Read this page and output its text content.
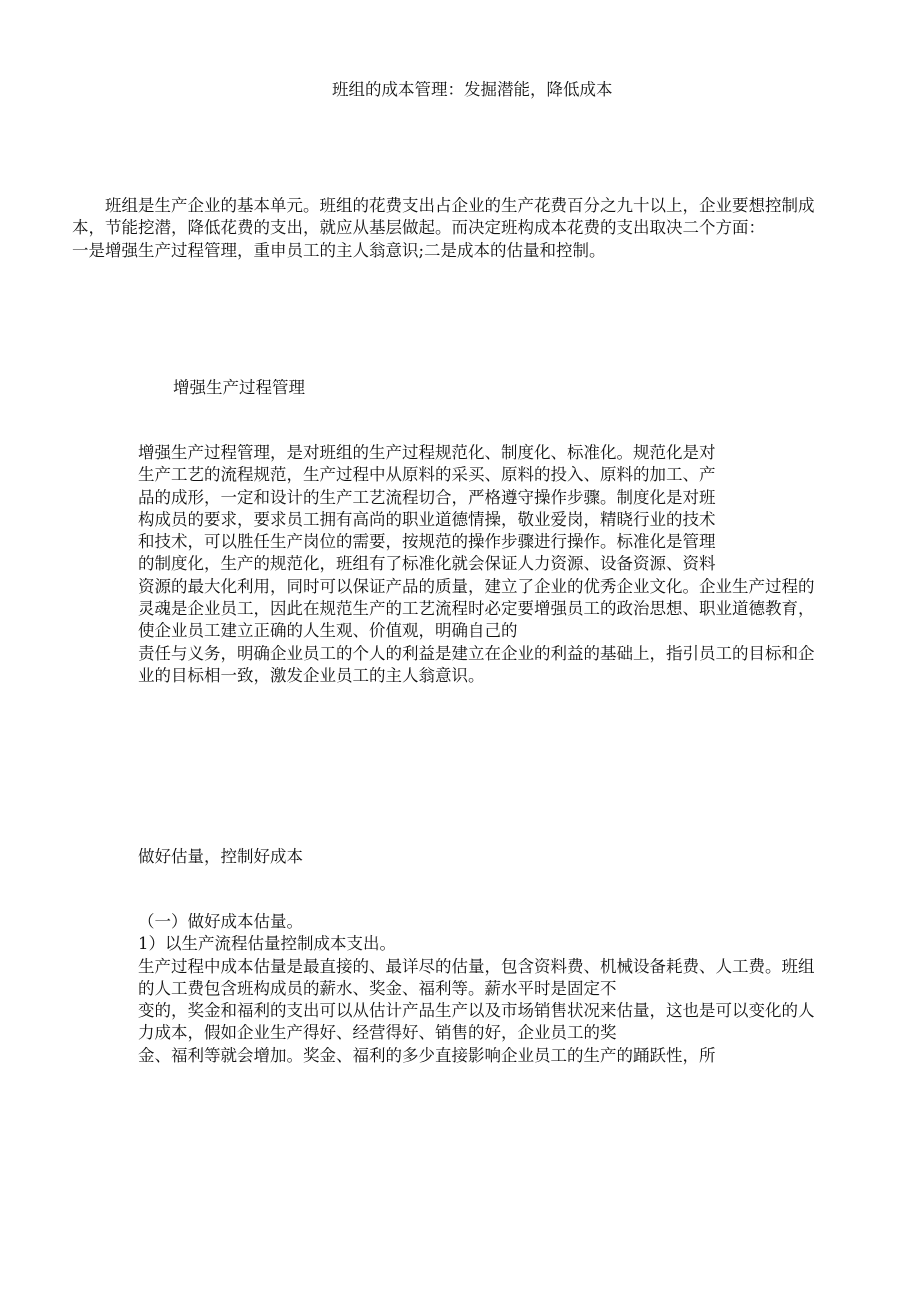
班组的成本管理：发掘潜能，降低成本
班组是生产企业的基本单元。班组的花费支出占企业的生产花费百分之九十以上，企业要想控制成
本，节能挖潜，降低花费的支出，就应从基层做起。而决定班构成本花费的支出取决二个方面：
一是增强生产过程管理，重申员工的主人翁意识;二是成本的估量和控制。
增强生产过程管理
增强生产过程管理，是对班组的生产过程规范化、制度化、标准化。规范化是对
生产工艺的流程规范，生产过程中从原料的采买、原料的投入、原料的加工、产
品的成形，一定和设计的生产工艺流程切合，严格遵守操作步骤。制度化是对班
构成员的要求，要求员工拥有高尚的职业道德情操，敬业爱岗，精晓行业的技术
和技术，可以胜任生产岗位的需要，按规范的操作步骤进行操作。标准化是管理
的制度化，生产的规范化，班组有了标准化就会保证人力资源、设备资源、资料
资源的最大化利用，同时可以保证产品的质量，建立了企业的优秀企业文化。企业生产过程的
灵魂是企业员工，因此在规范生产的工艺流程时必定要增强员工的政治思想、职业道德教育，
使企业员工建立正确的人生观、价值观，明确自己的
责任与义务，明确企业员工的个人的利益是建立在企业的利益的基础上，指引员工的目标和企
业的目标相一致，激发企业员工的主人翁意识。
做好估量，控制好成本
（一）做好成本估量。
1）以生产流程估量控制成本支出。
生产过程中成本估量是最直接的、最详尽的估量，包含资料费、机械设备耗费、人工费。班组
的人工费包含班构成员的薪水、奖金、福利等。薪水平时是固定不
变的，奖金和福利的支出可以从估计产品生产以及市场销售状况来估量，这也是可以变化的人
力成本，假如企业生产得好、经营得好、销售的好，企业员工的奖
金、福利等就会增加。奖金、福利的多少直接影响企业员工的生产的踊跃性，所
